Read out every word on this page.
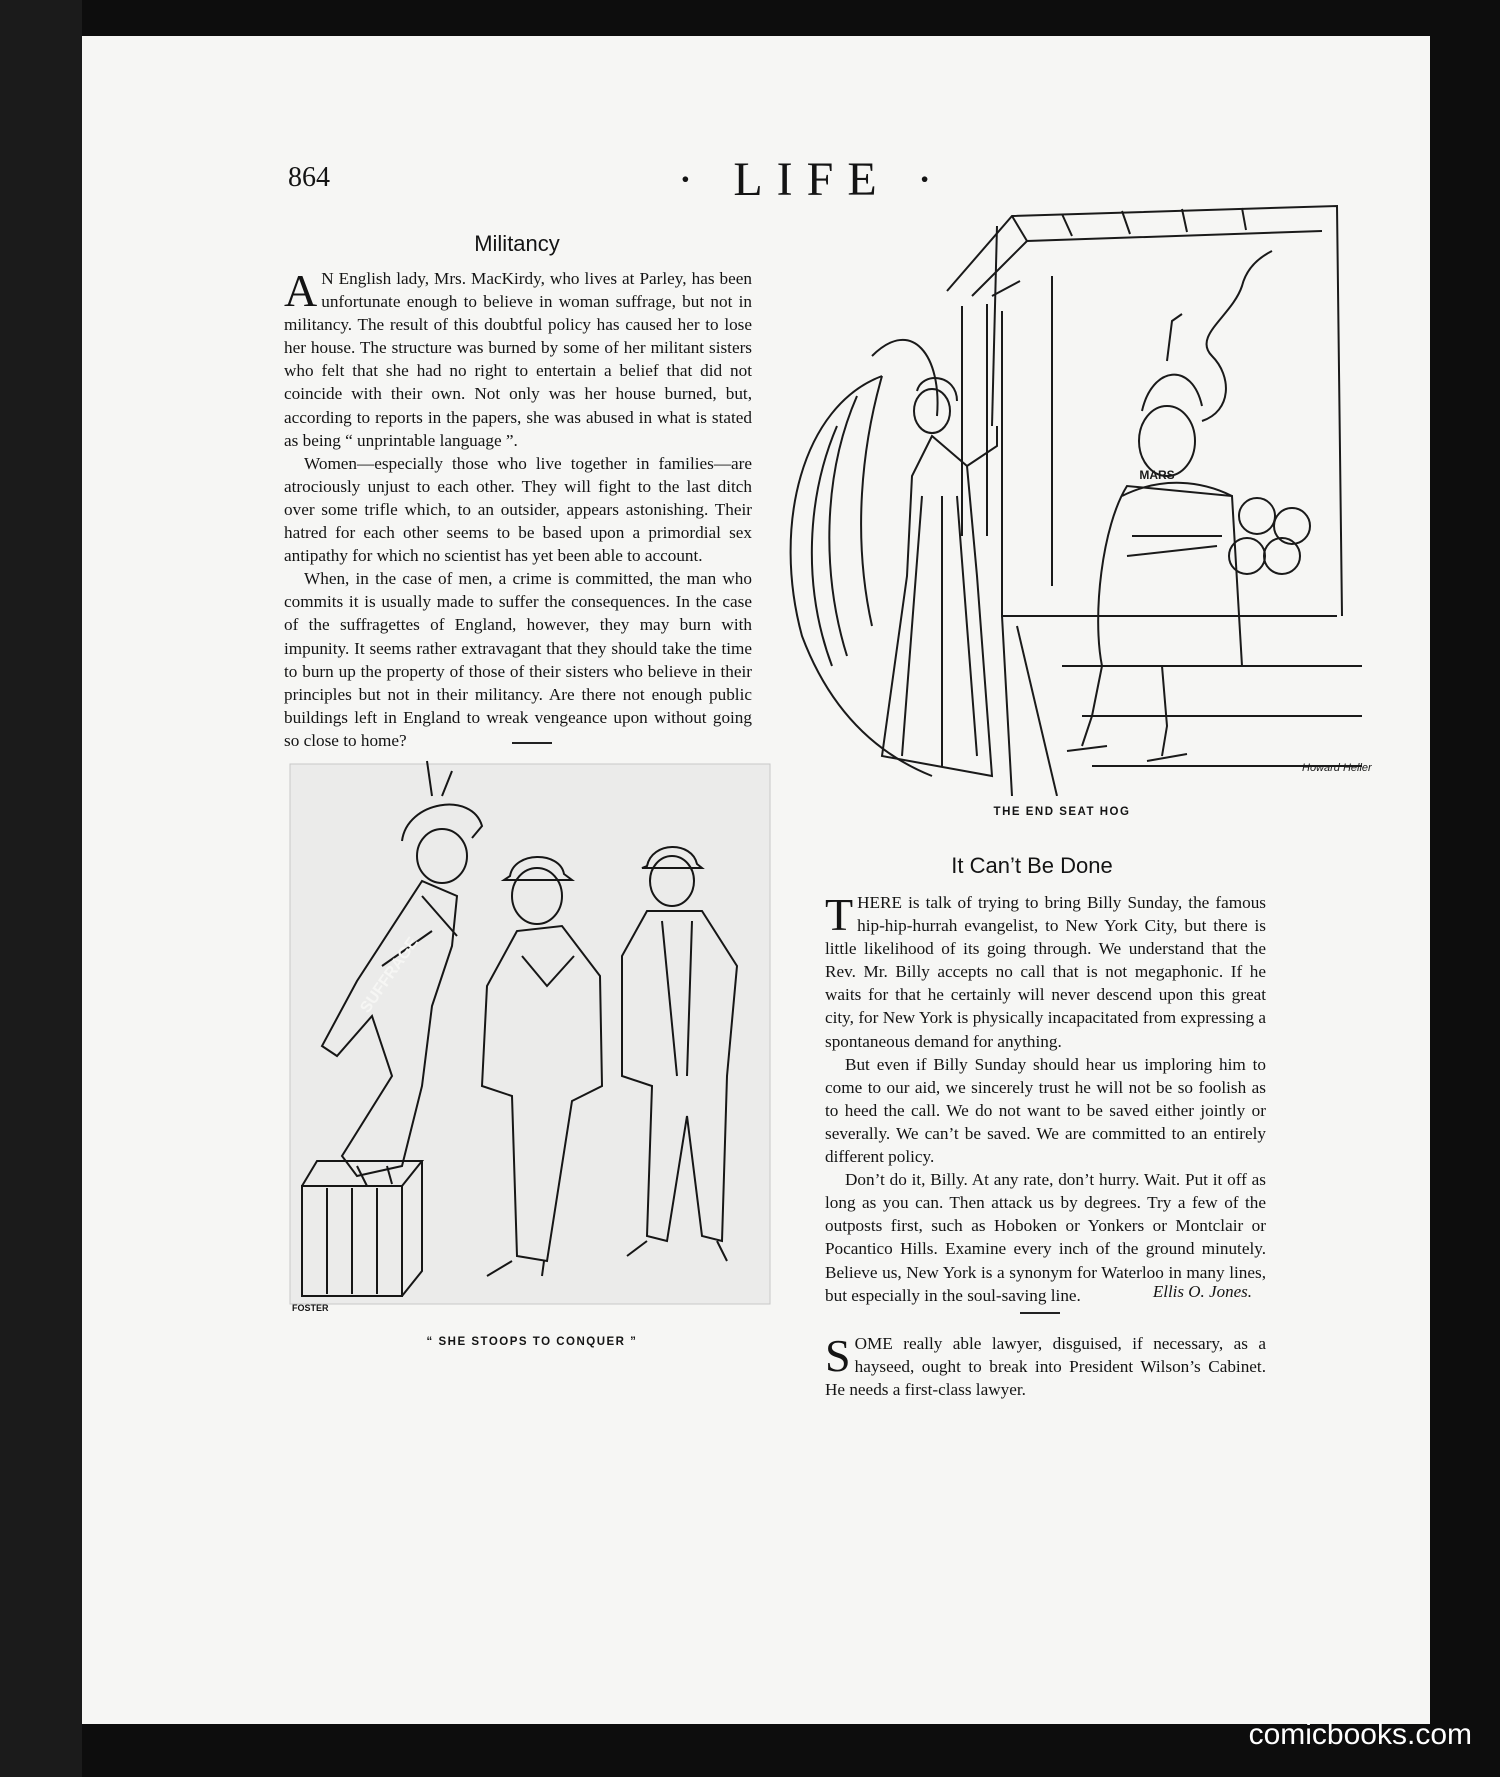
864	· LIFE ·
Militancy

A N English lady, Mrs. MacKirdy, who lives at Parley, has been unfortunate enough to believe in woman suffrage, but not in militancy. The result of this doubtful policy has caused her to lose her house. The structure was burned by some of her militant sisters who felt that she had no right to entertain a belief that did not coincide with their own. Not only was her house burned, but, according to reports in the papers, she was abused in what is stated as being “ unprintable language ”.

Women—especially those who live together in families—are atrociously unjust to each other. They will fight to the last ditch over some trifle which, to an outsider, appears astonishing. Their hatred for each other seems to be based upon a primordial sex antipathy for which no scientist has yet been able to account.

When, in the case of men, a crime is committed, the man who commits it is usually made to suffer the consequences. In the case of the suffragettes of England, however, they may burn with impunity. It seems rather extravagant that they should take the time to burn up the property of those of their sisters who believe in their principles but not in their militancy. Are there not enough public buildings left in England to wreak vengeance upon without going so close to home?

MARS
Howard Heller
THE END SEAT HOG
SUFFRAGE
FOSTER
“ SHE STOOPS TO CONQUER ”
It Can’t Be Done

THERE is talk of trying to bring Billy Sunday, the famous hip-hip-hurrah evangelist, to New York City, but there is little likelihood of its going through. We understand that the Rev. Mr. Billy accepts no call that is not megaphonic. If he waits for that he certainly will never descend upon this great city, for New York is physically incapacitated from expressing a spontaneous demand for anything.

But even if Billy Sunday should hear us imploring him to come to our aid, we sincerely trust he will not be so foolish as to heed the call. We do not want to be saved either jointly or severally. We can’t be saved. We are committed to an entirely different policy.

Don’t do it, Billy. At any rate, don’t hurry. Wait. Put it off as long as you can. Then attack us by degrees. Try a few of the outposts first, such as Hoboken or Yonkers or Montclair or Pocantico Hills. Examine every inch of the ground minutely. Believe us, New York is a synonym for Waterloo in many lines, but especially in the soul-saving line.	Ellis O. Jones.

SOME really able lawyer, disguised, if necessary, as a hayseed, ought to break into President Wilson’s Cabinet. He needs a first-class lawyer.

comicbooks.com
